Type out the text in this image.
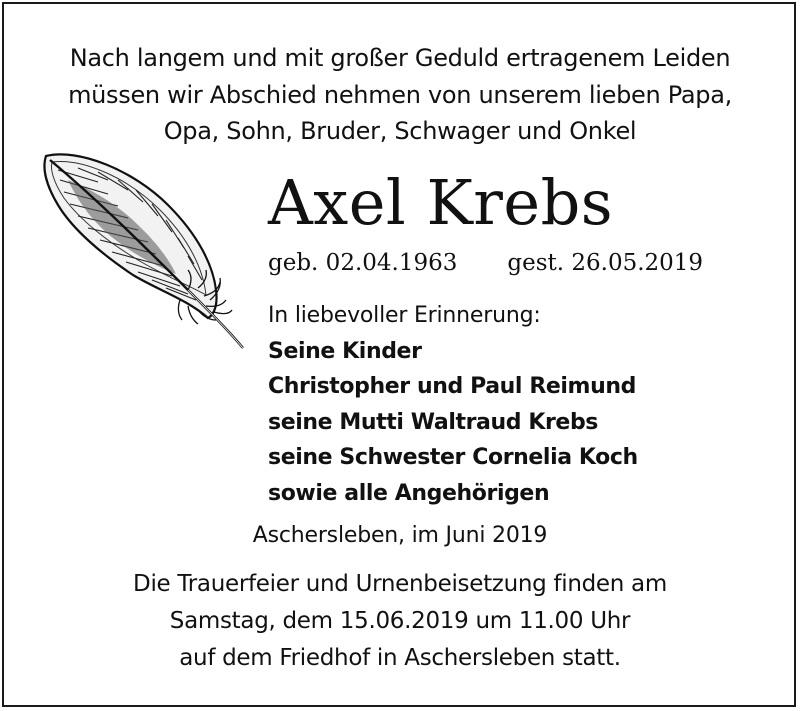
Nach langem und mit großer Geduld ertragenem Leiden
müssen wir Abschied nehmen von unserem lieben Papa,
Opa, Sohn, Bruder, Schwager und Onkel
Axel Krebs
geb. 02.04.1963 gest. 26.05.2019
In liebevoller Erinnerung:
Seine Kinder
Christopher und Paul Reimund
seine Mutti Waltraud Krebs
seine Schwester Cornelia Koch
sowie alle Angehörigen
Aschersleben, im Juni 2019
Die Trauerfeier und Urnenbeisetzung finden am
Samstag, dem 15.06.2019 um 11.00 Uhr
auf dem Friedhof in Aschersleben statt.
